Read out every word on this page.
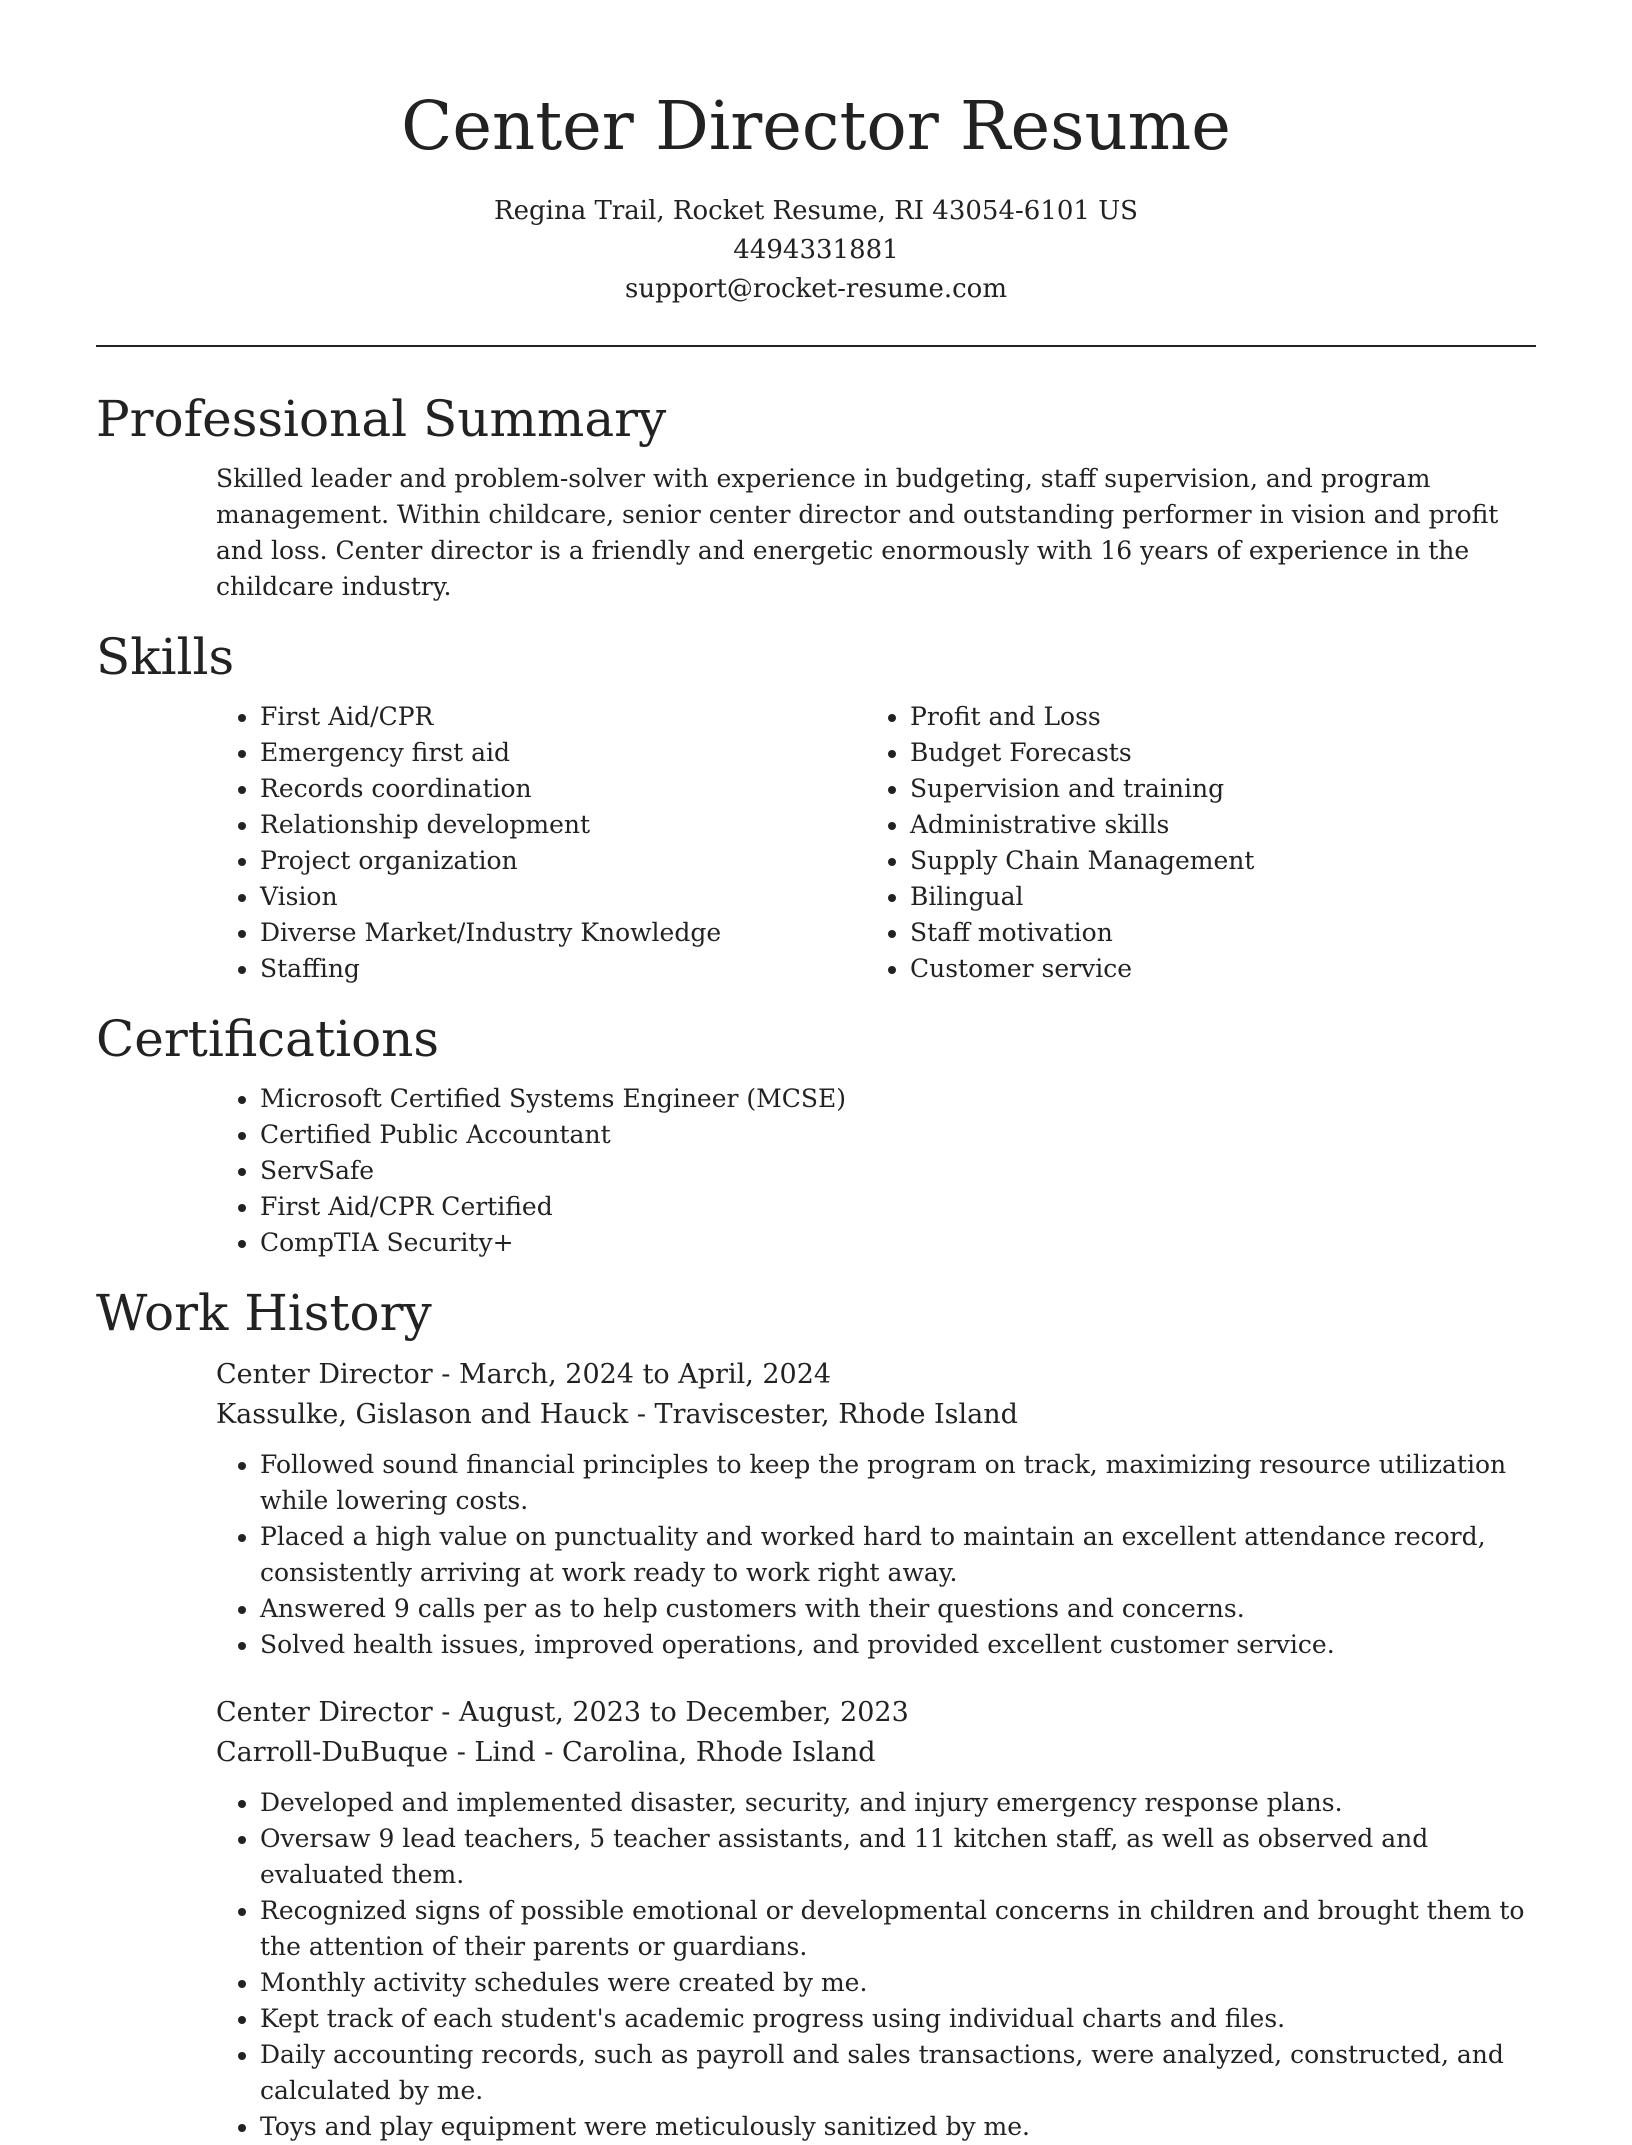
Center Director Resume
Regina Trail, Rocket Resume, RI 43054-6101 US
4494331881
support@rocket-resume.com
Professional Summary
Skilled leader and problem-solver with experience in budgeting, staff supervision, and program management. Within childcare, senior center director and outstanding performer in vision and profit and loss. Center director is a friendly and energetic enormously with 16 years of experience in the childcare industry.
Skills
• First Aid/CPR
• Emergency first aid
• Records coordination
• Relationship development
• Project organization
• Vision
• Diverse Market/Industry Knowledge
• Staffing
• Profit and Loss
• Budget Forecasts
• Supervision and training
• Administrative skills
• Supply Chain Management
• Bilingual
• Staff motivation
• Customer service
Certifications
• Microsoft Certified Systems Engineer (MCSE)
• Certified Public Accountant
• ServSafe
• First Aid/CPR Certified
• CompTIA Security+
Work History
Center Director - March, 2024 to April, 2024
Kassulke, Gislason and Hauck - Traviscester, Rhode Island
• Followed sound financial principles to keep the program on track, maximizing resource utilization while lowering costs.
• Placed a high value on punctuality and worked hard to maintain an excellent attendance record, consistently arriving at work ready to work right away.
• Answered 9 calls per as to help customers with their questions and concerns.
• Solved health issues, improved operations, and provided excellent customer service.
Center Director - August, 2023 to December, 2023
Carroll-DuBuque - Lind - Carolina, Rhode Island
• Developed and implemented disaster, security, and injury emergency response plans.
• Oversaw 9 lead teachers, 5 teacher assistants, and 11 kitchen staff, as well as observed and evaluated them.
• Recognized signs of possible emotional or developmental concerns in children and brought them to the attention of their parents or guardians.
• Monthly activity schedules were created by me.
• Kept track of each student's academic progress using individual charts and files.
• Daily accounting records, such as payroll and sales transactions, were analyzed, constructed, and calculated by me.
• Toys and play equipment were meticulously sanitized by me.
